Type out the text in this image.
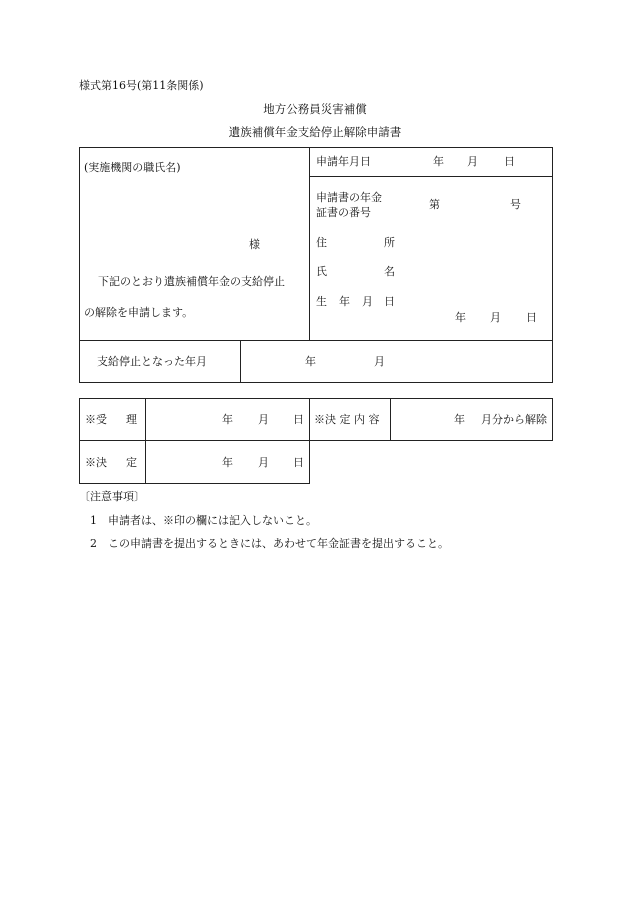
様式第16号(第11条関係)
地方公務員災害補償
遺族補償年金支給停止解除申請書
(実施機関の職氏名)
様
下記のとおり遺族補償年金の支給停止
の解除を申請します。
申請年月日	年 月 日
申請書の年金
証書の番号
第	号
住	所
氏	名
生 年 月 日
年 月 日
支給停止となった年月	年	月
※受 理	年 月 日 ※決 定 内 容	年 月分から解除
※決 定	年 月 日
〔注意事項〕
1 申請者は、※印の欄には記入しないこと。
2 この申請書を提出するときには、あわせて年金証書を提出すること。
